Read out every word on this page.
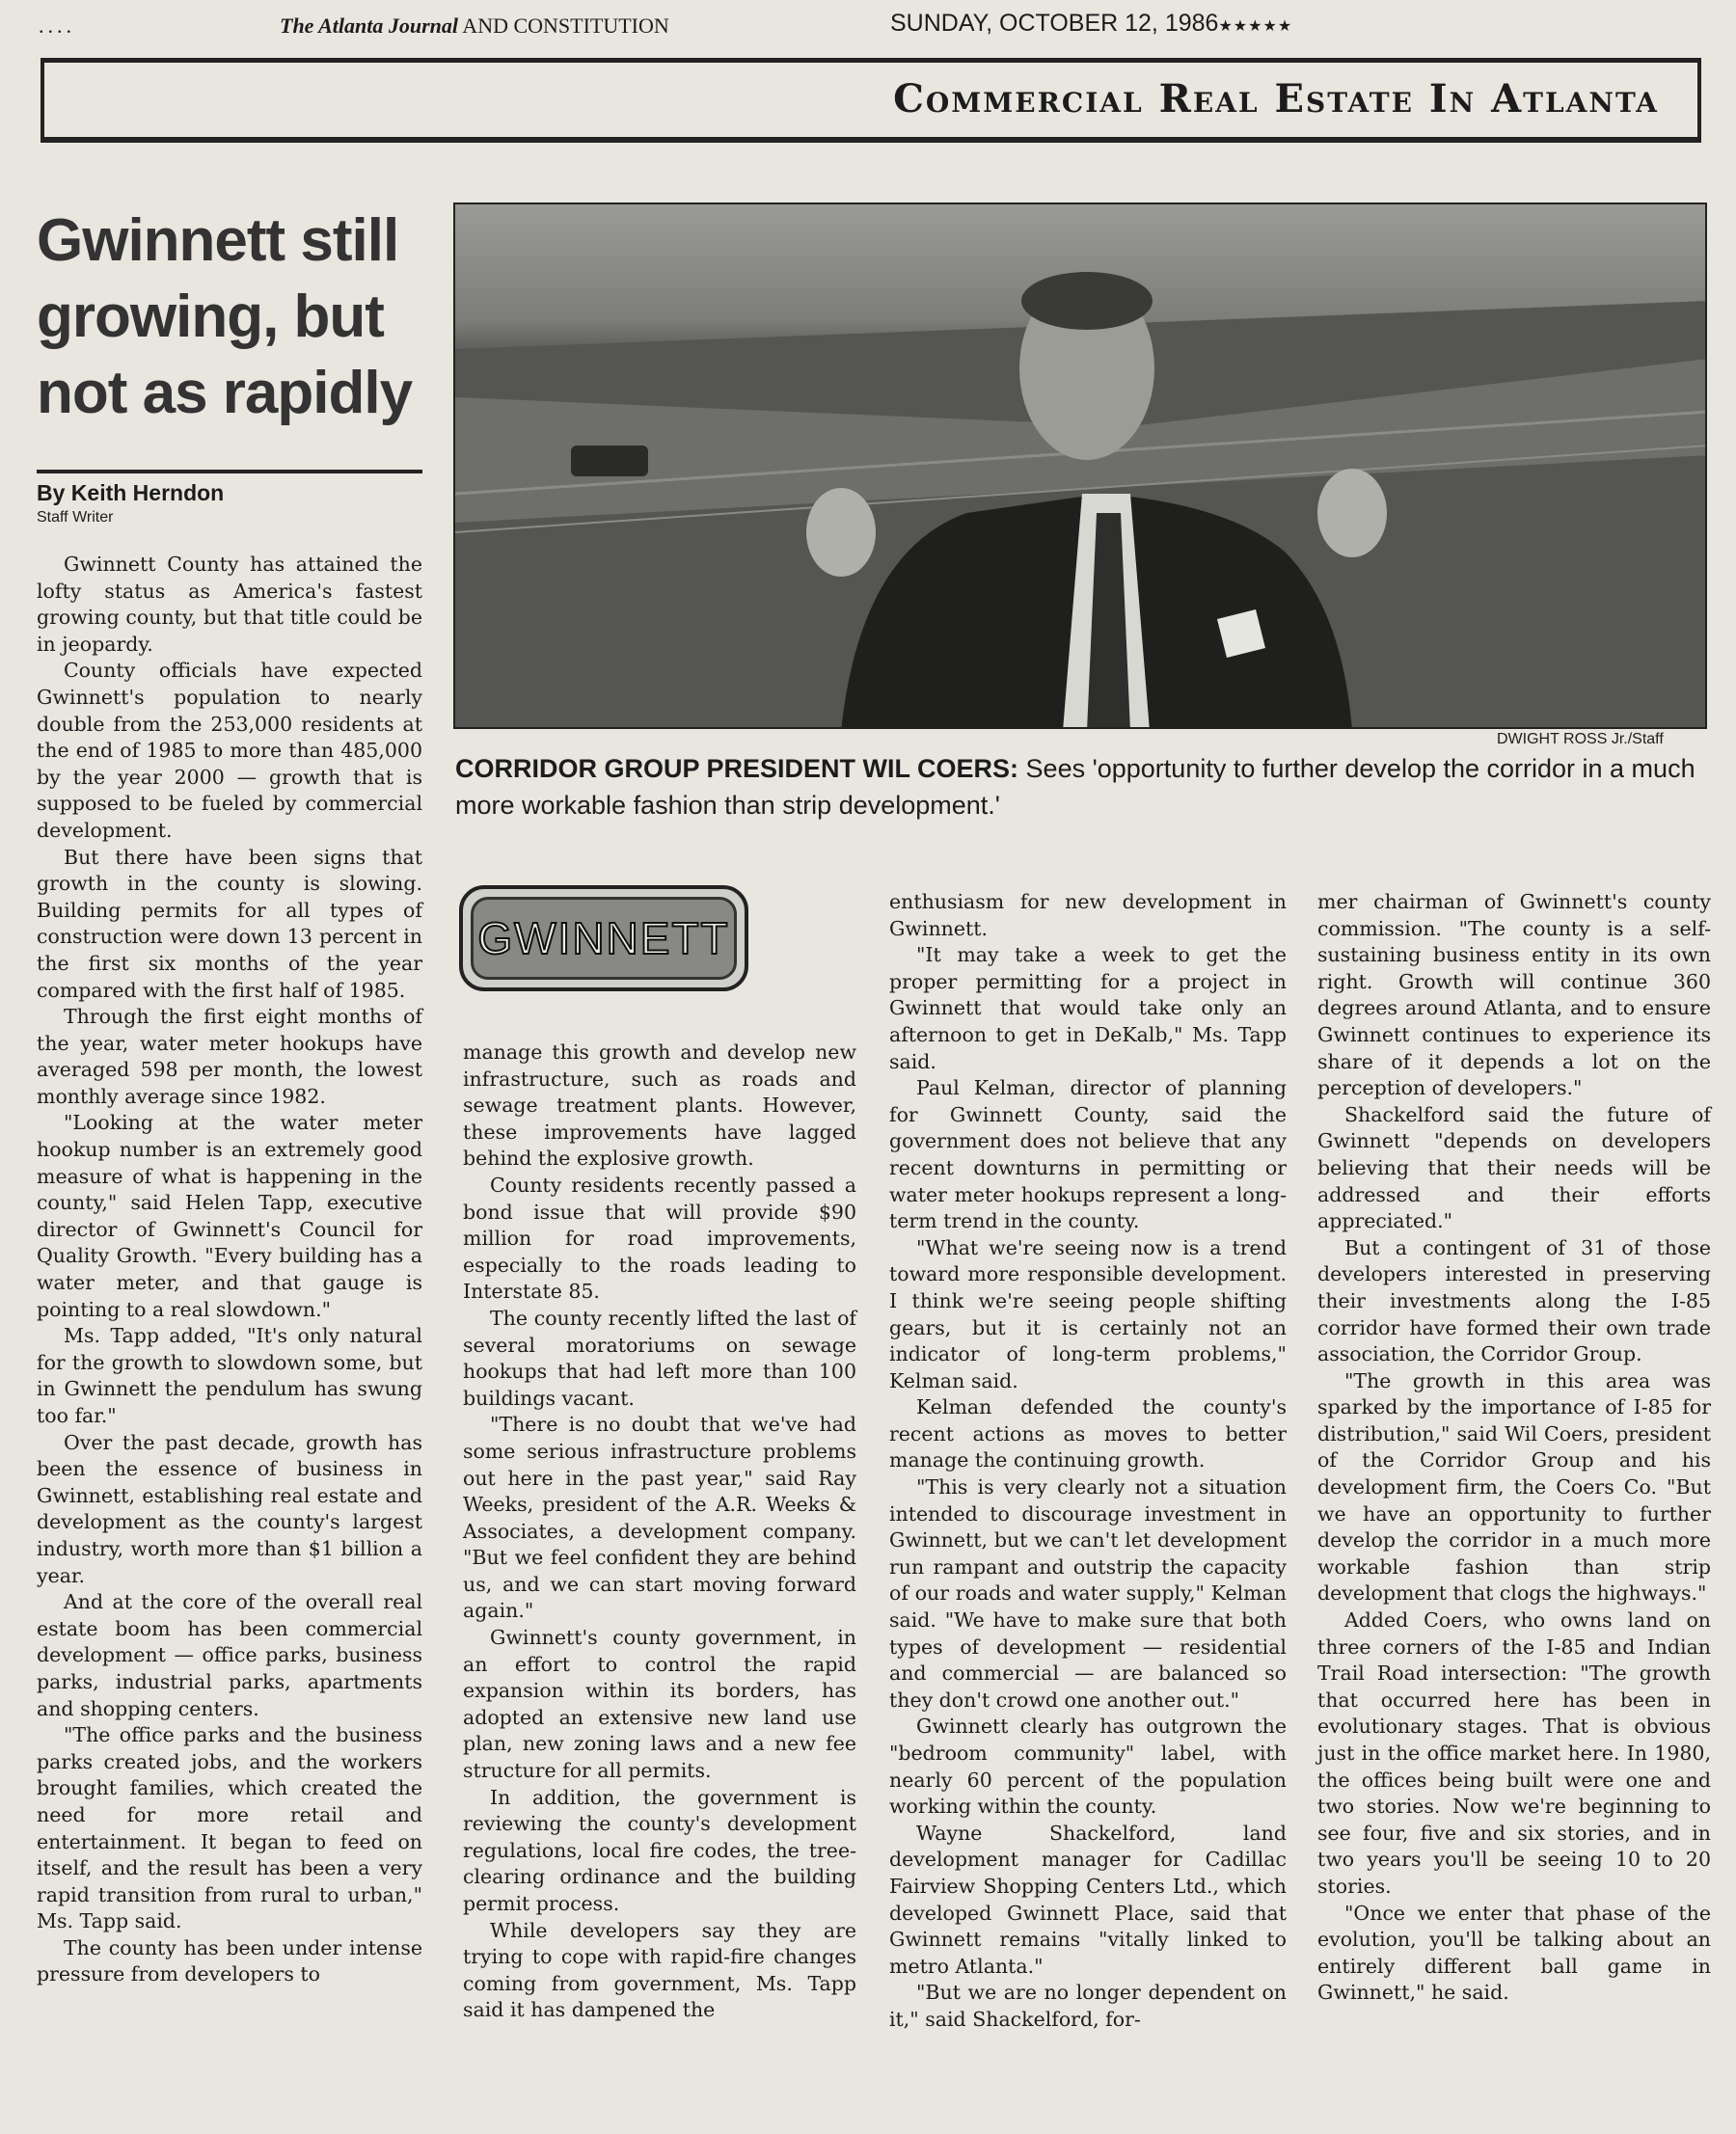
....	The Atlanta Journal AND CONSTITUTION	SUNDAY, OCTOBER 12, 1986★★★★★
Commercial Real Estate In Atlanta
Gwinnett still growing, but not as rapidly
By Keith Herndon
Staff Writer
DWIGHT ROSS Jr./Staff
CORRIDOR GROUP PRESIDENT WIL COERS: Sees 'opportunity to further develop the corridor in a much more workable fashion than strip development.'
GWINNETT

Gwinnett County has attained the lofty status as America's fastest growing county, but that title could be in jeopardy.

County officials have expected Gwinnett's population to nearly double from the 253,000 residents at the end of 1985 to more than 485,000 by the year 2000 — growth that is supposed to be fueled by commercial development.

But there have been signs that growth in the county is slowing. Building permits for all types of construction were down 13 percent in the first six months of the year compared with the first half of 1985.

Through the first eight months of the year, water meter hookups have averaged 598 per month, the lowest monthly average since 1982.

"Looking at the water meter hookup number is an extremely good measure of what is happening in the county," said Helen Tapp, executive director of Gwinnett's Council for Quality Growth. "Every building has a water meter, and that gauge is pointing to a real slowdown."

Ms. Tapp added, "It's only natural for the growth to slowdown some, but in Gwinnett the pendulum has swung too far."

Over the past decade, growth has been the essence of business in Gwinnett, establishing real estate and development as the county's largest industry, worth more than $1 billion a year.

And at the core of the overall real estate boom has been commercial development — office parks, business parks, industrial parks, apartments and shopping centers.

"The office parks and the business parks created jobs, and the workers brought families, which created the need for more retail and entertainment. It began to feed on itself, and the result has been a very rapid transition from rural to urban," Ms. Tapp said.

The county has been under intense pressure from developers to

manage this growth and develop new infrastructure, such as roads and sewage treatment plants. However, these improvements have lagged behind the explosive growth.

County residents recently passed a bond issue that will provide $90 million for road improvements, especially to the roads leading to Interstate 85.

The county recently lifted the last of several moratoriums on sewage hookups that had left more than 100 buildings vacant.

"There is no doubt that we've had some serious infrastructure problems out here in the past year," said Ray Weeks, president of the A.R. Weeks & Associates, a development company. "But we feel confident they are behind us, and we can start moving forward again."

Gwinnett's county government, in an effort to control the rapid expansion within its borders, has adopted an extensive new land use plan, new zoning laws and a new fee structure for all permits.

In addition, the government is reviewing the county's development regulations, local fire codes, the tree-clearing ordinance and the building permit process.

While developers say they are trying to cope with rapid-fire changes coming from government, Ms. Tapp said it has dampened the

enthusiasm for new development in Gwinnett.

"It may take a week to get the proper permitting for a project in Gwinnett that would take only an afternoon to get in DeKalb," Ms. Tapp said.

Paul Kelman, director of planning for Gwinnett County, said the government does not believe that any recent downturns in permitting or water meter hookups represent a long-term trend in the county.

"What we're seeing now is a trend toward more responsible development. I think we're seeing people shifting gears, but it is certainly not an indicator of long-term problems," Kelman said.

Kelman defended the county's recent actions as moves to better manage the continuing growth.

"This is very clearly not a situation intended to discourage investment in Gwinnett, but we can't let development run rampant and outstrip the capacity of our roads and water supply," Kelman said. "We have to make sure that both types of development — residential and commercial — are balanced so they don't crowd one another out."

Gwinnett clearly has outgrown the "bedroom community" label, with nearly 60 percent of the population working within the county.

Wayne Shackelford, land development manager for Cadillac Fairview Shopping Centers Ltd., which developed Gwinnett Place, said that Gwinnett remains "vitally linked to metro Atlanta."

"But we are no longer dependent on it," said Shackelford, for-

mer chairman of Gwinnett's county commission. "The county is a self-sustaining business entity in its own right. Growth will continue 360 degrees around Atlanta, and to ensure Gwinnett continues to experience its share of it depends a lot on the perception of developers."

Shackelford said the future of Gwinnett "depends on developers believing that their needs will be addressed and their efforts appreciated."

But a contingent of 31 of those developers interested in preserving their investments along the I-85 corridor have formed their own trade association, the Corridor Group.

"The growth in this area was sparked by the importance of I-85 for distribution," said Wil Coers, president of the Corridor Group and his development firm, the Coers Co. "But we have an opportunity to further develop the corridor in a much more workable fashion than strip development that clogs the highways."

Added Coers, who owns land on three corners of the I-85 and Indian Trail Road intersection: "The growth that occurred here has been in evolutionary stages. That is obvious just in the office market here. In 1980, the offices being built were one and two stories. Now we're beginning to see four, five and six stories, and in two years you'll be seeing 10 to 20 stories.

"Once we enter that phase of the evolution, you'll be talking about an entirely different ball game in Gwinnett," he said.
